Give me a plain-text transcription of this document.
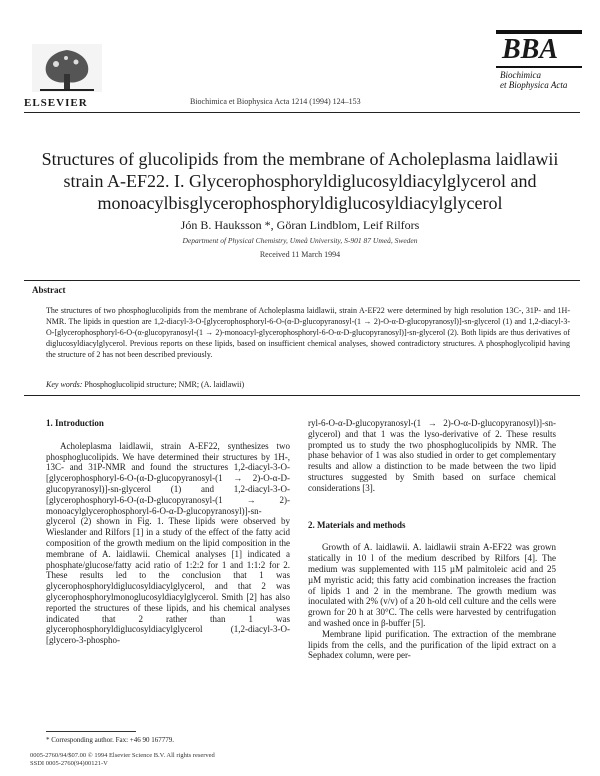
ELSEVIER	Biochimica et Biophysica Acta 1214 (1994) 124–153
BBA
Biochimica
et Biophysica Acta
Structures of glucolipids from the membrane of Acholeplasma laidlawii strain A-EF22. I. Glycerophosphoryldiglucosyldiacylglycerol and monoacylbisglycerophosphoryldiglucosyldiacylglycerol
Jón B. Hauksson *, Göran Lindblom, Leif Rilfors
Department of Physical Chemistry, Umeå University, S-901 87 Umeå, Sweden
Received 11 March 1994
Abstract
The structures of two phosphoglucolipids from the membrane of Acholeplasma laidlawii, strain A-EF22 were determined by high resolution 13C-, 31P- and 1H-NMR. The lipids in question are 1,2-diacyl-3-O-[glycerophosphoryl-6-O-(α-D-glucopyranosyl-(1 → 2)-O-α-D-glucopyranosyl)]-sn-glycerol (1) and 1,2-diacyl-3-O-[glycerophosphoryl-6-O-(α-glucopyranosyl-(1 → 2)-monoacyl-glycerophosphoryl-6-O-α-D-glucopyranosyl)]-sn-glycerol (2). Both lipids are thus derivatives of diglucosyldiacylglycerol. Previous reports on these lipids, based on insufficient chemical analyses, showed contradictory structures. A phosphoglycolipid having the structure of 2 has not been described previously.
Key words: Phosphoglucolipid structure; NMR; (A. laidlawii)
1. Introduction

Acholeplasma laidlawii, strain A-EF22, synthesizes two phosphoglucolipids. We have determined their structures by 1H-, 13C- and 31P-NMR and found the structures 1,2-diacyl-3-O-[glycerophosphoryl-6-O-(α-D-glucopyranosyl-(1 → 2)-O-α-D-glucopyranosyl)]-sn-glycerol (1) and 1,2-diacyl-3-O-[glycerophosphoryl-6-O-(α-D-glucopyranosyl-(1 → 2)-monoacylglycerophosphoryl-6-O-α-D-glucopyranosyl)]-sn-glycerol (2) shown in Fig. 1. These lipids were observed by Wieslander and Rilfors [1] in a study of the effect of the fatty acid composition of the growth medium on the lipid composition in the membrane of A. laidlawii. Chemical analyses [1] indicated a phosphate/glucose/fatty acid ratio of 1:2:2 for 1 and 1:1:2 for 2. These results led to the conclusion that 1 was glycerophosphoryldiglucosyldiacylglycerol, and that 2 was glycerophosphorylmonoglucosyldiacylglycerol. Smith [2] has also reported the structures of these lipids, and his chemical analyses indicated that 2 rather than 1 was glycerophosphoryldiglucosyldiacylglycerol (1,2-diacyl-3-O-[glycero-3-phospho-

ryl-6-O-α-D-glucopyranosyl-(1 → 2)-O-α-D-glucopyranosyl)]-sn-glycerol) and that 1 was the lyso-derivative of 2. These results prompted us to study the two phosphoglucolipids by NMR. The phase behavior of 1 was also studied in order to get complementary results and allow a distinction to be made between the two lipid structures suggested by Smith based on surface chemical considerations [3].

2. Materials and methods

Growth of A. laidlawii. A. laidlawii strain A-EF22 was grown statically in 10 l of the medium described by Rilfors [4]. The medium was supplemented with 115 µM palmitoleic acid and 25 µM myristic acid; this fatty acid combination increases the fraction of lipids 1 and 2 in the membrane. The growth medium was inoculated with 2% (v/v) of a 20 h-old cell culture and the cells were grown for 20 h at 30°C. The cells were harvested by centrifugation and washed once in β-buffer [5].

Membrane lipid purification. The extraction of the membrane lipids from the cells, and the purification of the lipid extract on a Sephadex column, were per-

* Corresponding author. Fax: +46 90 167779.
0005-2760/94/$07.00 © 1994 Elsevier Science B.V. All rights reserved
SSDI 0005-2760(94)00121-V
